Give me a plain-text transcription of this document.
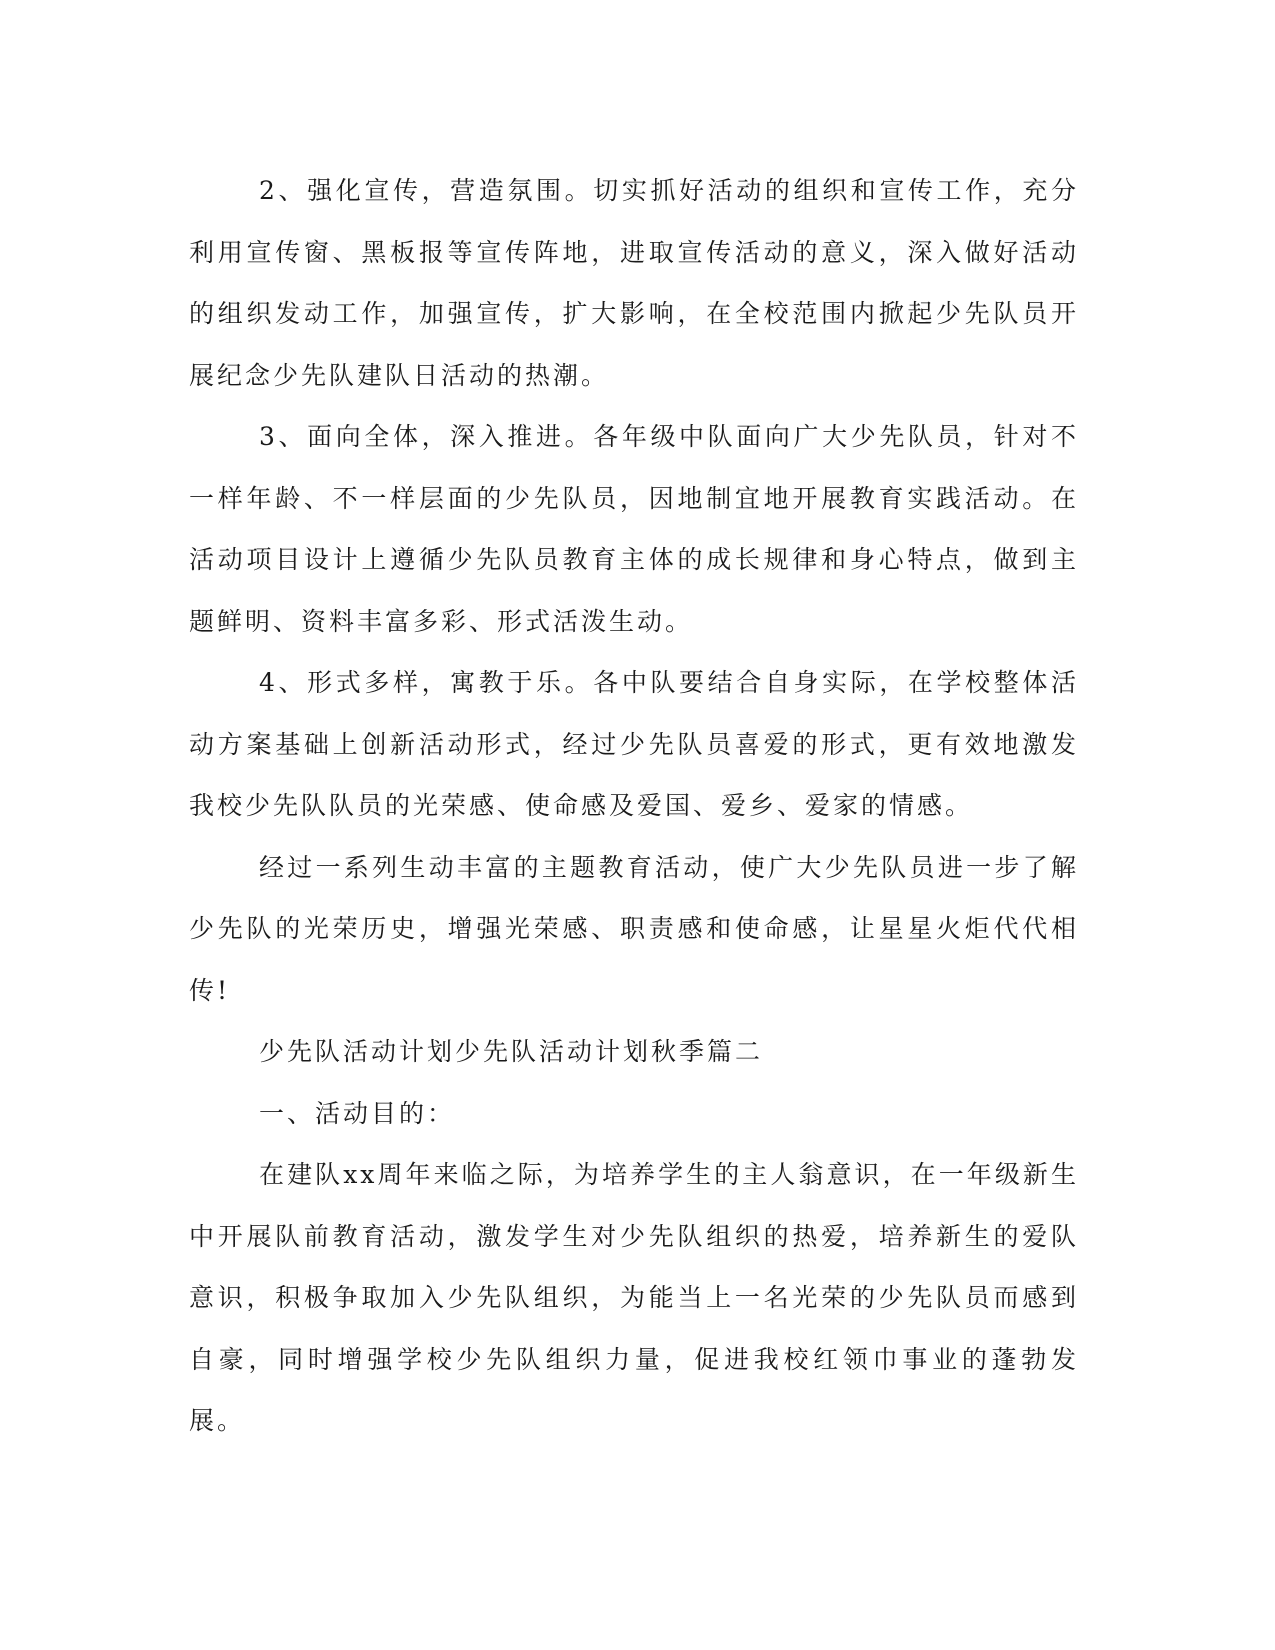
2、强化宣传，营造氛围。切实抓好活动的组织和宣传工作，充分利用宣传窗、黑板报等宣传阵地，进取宣传活动的意义，深入做好活动的组织发动工作，加强宣传，扩大影响，在全校范围内掀起少先队员开展纪念少先队建队日活动的热潮。

3、面向全体，深入推进。各年级中队面向广大少先队员，针对不一样年龄、不一样层面的少先队员，因地制宜地开展教育实践活动。在活动项目设计上遵循少先队员教育主体的成长规律和身心特点，做到主题鲜明、资料丰富多彩、形式活泼生动。

4、形式多样，寓教于乐。各中队要结合自身实际，在学校整体活动方案基础上创新活动形式，经过少先队员喜爱的形式，更有效地激发我校少先队队员的光荣感、使命感及爱国、爱乡、爱家的情感。

经过一系列生动丰富的主题教育活动，使广大少先队员进一步了解少先队的光荣历史，增强光荣感、职责感和使命感，让星星火炬代代相传!

少先队活动计划少先队活动计划秋季篇二

一、活动目的：

在建队xx周年来临之际，为培养学生的主人翁意识，在一年级新生中开展队前教育活动，激发学生对少先队组织的热爱，培养新生的爱队意识，积极争取加入少先队组织，为能当上一名光荣的少先队员而感到自豪，同时增强学校少先队组织力量，促进我校红领巾事业的蓬勃发展。
